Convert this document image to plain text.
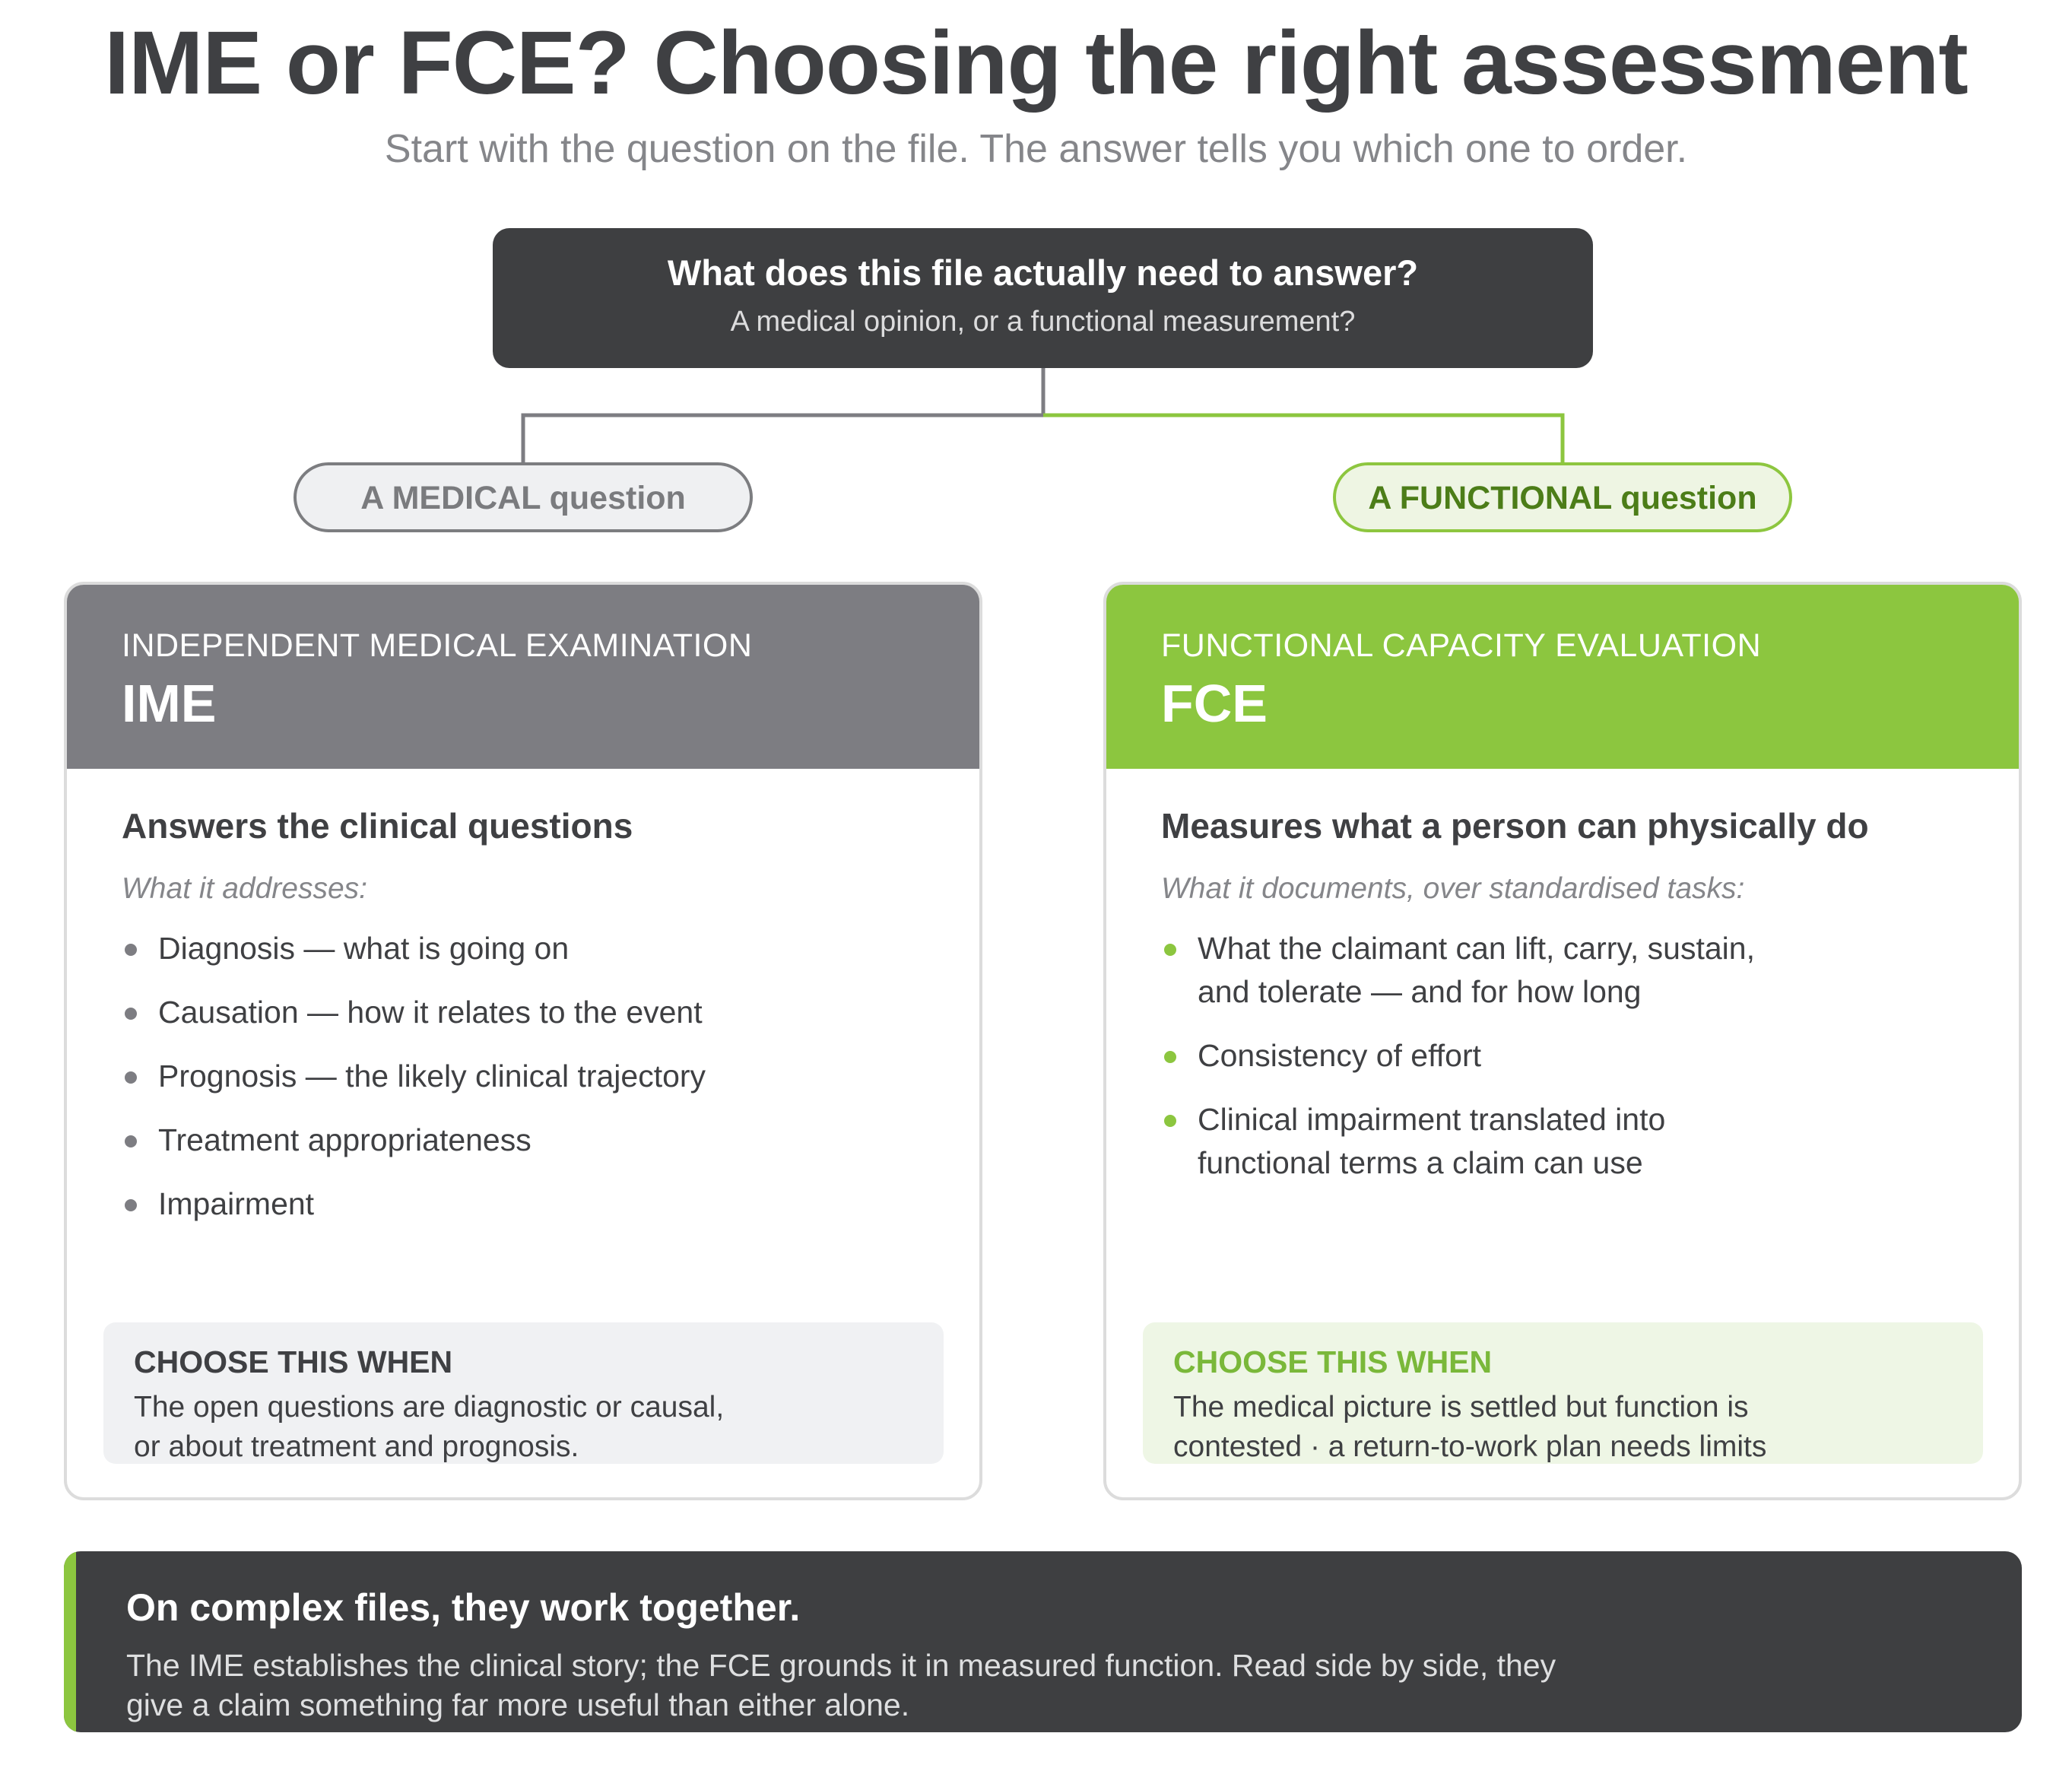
IME or FCE? Choosing the right assessment
Start with the question on the file. The answer tells you which one to order.
What does this file actually need to answer?
A medical opinion, or a functional measurement?
A MEDICAL question	A FUNCTIONAL question
INDEPENDENT MEDICAL EXAMINATION
IME
Answers the clinical questions
What it addresses:
Diagnosis — what is going on
Causation — how it relates to the event
Prognosis — the likely clinical trajectory
Treatment appropriateness
Impairment
CHOOSE THIS WHEN
The open questions are diagnostic or causal, or about treatment and prognosis.
FUNCTIONAL CAPACITY EVALUATION
FCE
Measures what a person can physically do
What it documents, over standardised tasks:
What the claimant can lift, carry, sustain, and tolerate — and for how long
Consistency of effort
Clinical impairment translated into functional terms a claim can use
CHOOSE THIS WHEN
The medical picture is settled but function is contested · a return-to-work plan needs limits
On complex files, they work together.
The IME establishes the clinical story; the FCE grounds it in measured function. Read side by side, they give a claim something far more useful than either alone.
